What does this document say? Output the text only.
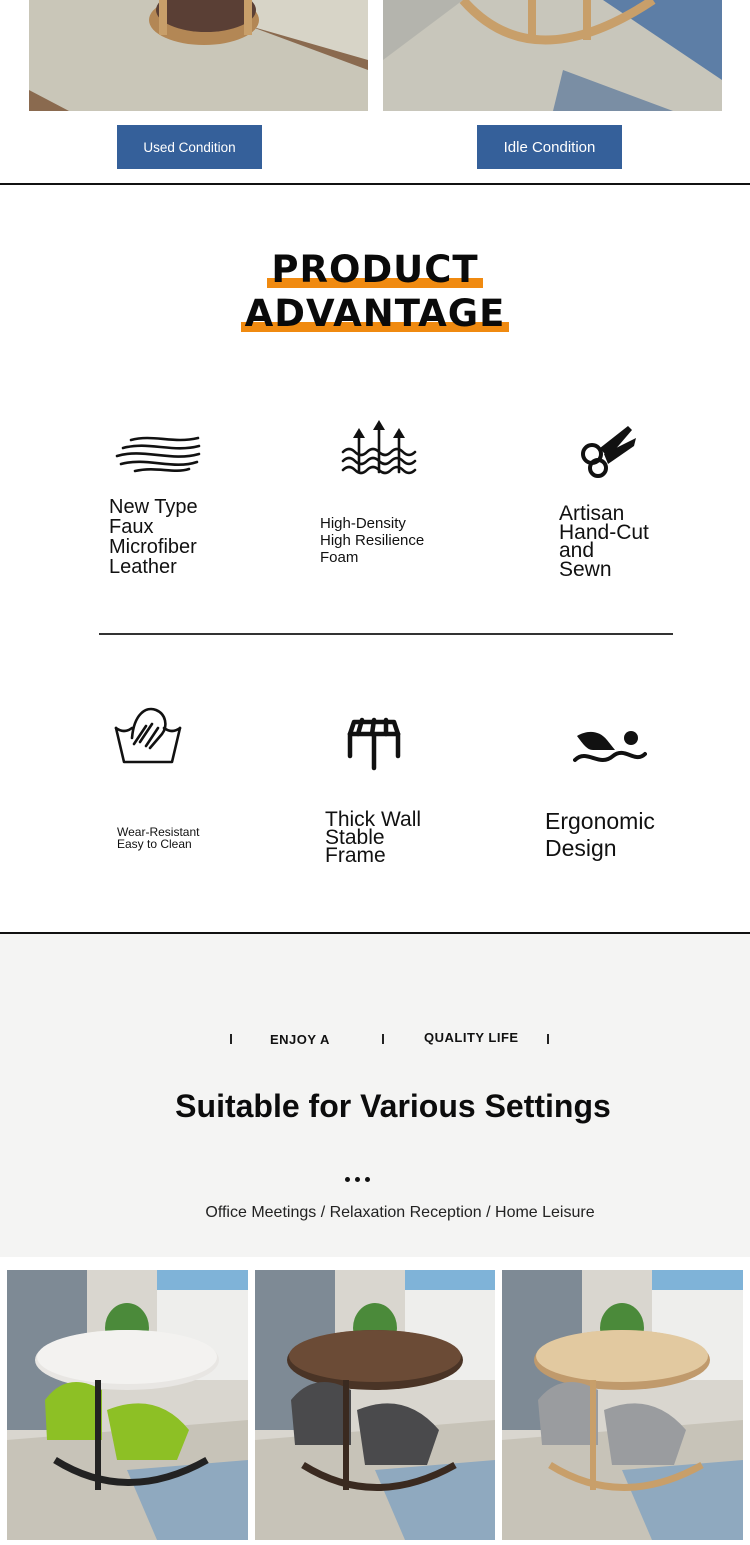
Used Condition	Idle Condition
PRODUCT
ADVANTAGE
New Type
Faux
Microfiber
Leather
High-Density
High Resilience
Foam
Artisan
Hand-Cut
and
Sewn
Wear-Resistant
Easy to Clean
Thick Wall
Stable
Frame
Ergonomic
Design
ENJOY A	QUALITY LIFE
Suitable for Various Settings
Office Meetings / Relaxation Reception / Home Leisure
